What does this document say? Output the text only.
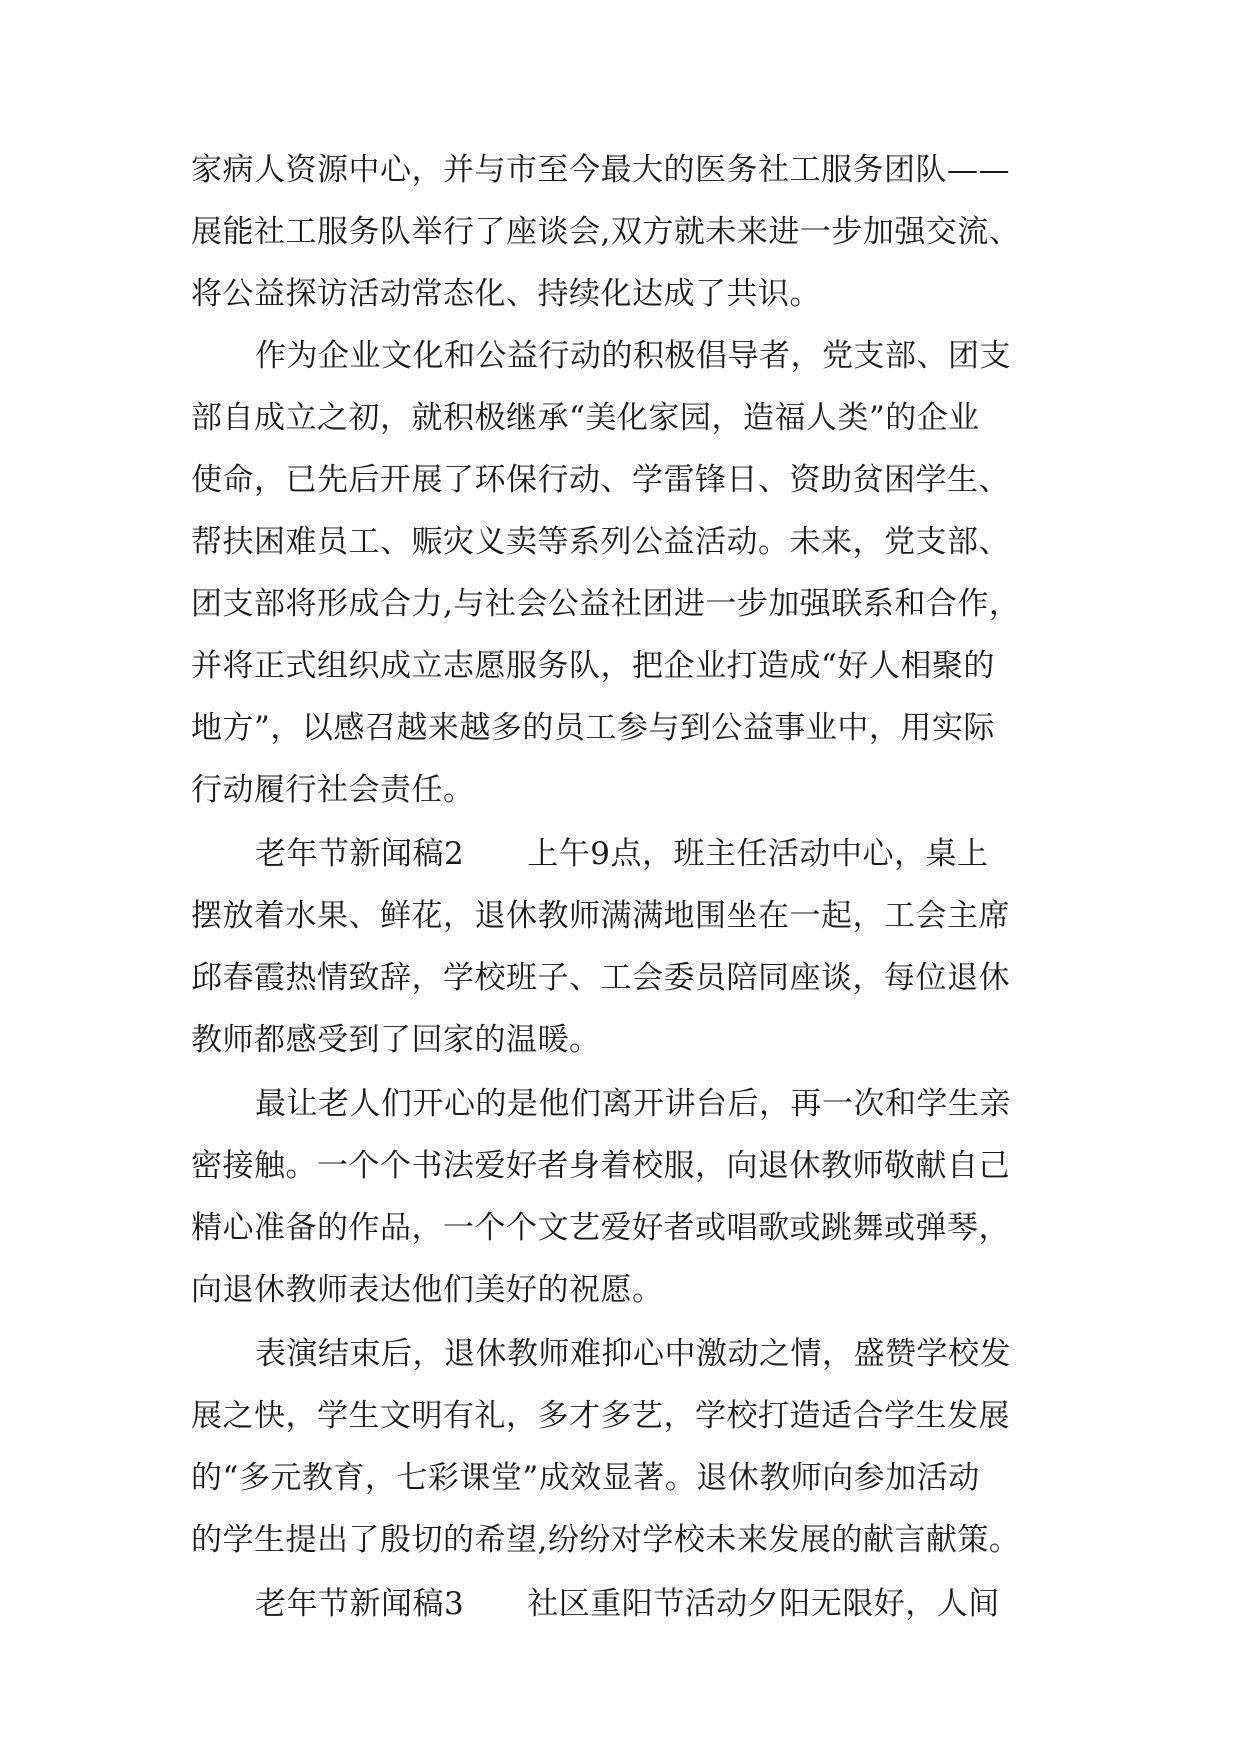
家病人资源中心，并与市至今最大的医务社工服务团队——

展能社工服务队举行了座谈会,双方就未来进一步加强交流、

将公益探访活动常态化、持续化达成了共识。

作为企业文化和公益行动的积极倡导者，党支部、团支

部自成立之初，就积极继承“美化家园，造福人类”的企业

使命，已先后开展了环保行动、学雷锋日、资助贫困学生、

帮扶困难员工、赈灾义卖等系列公益活动。未来，党支部、

团支部将形成合力,与社会公益社团进一步加强联系和合作，

并将正式组织成立志愿服务队，把企业打造成“好人相聚的

地方”，以感召越来越多的员工参与到公益事业中，用实际

行动履行社会责任。

老年节新闻稿2　　上午9点，班主任活动中心，桌上

摆放着水果、鲜花，退休教师满满地围坐在一起，工会主席

邱春霞热情致辞，学校班子、工会委员陪同座谈，每位退休

教师都感受到了回家的温暖。

最让老人们开心的是他们离开讲台后，再一次和学生亲

密接触。一个个书法爱好者身着校服，向退休教师敬献自己

精心准备的作品，一个个文艺爱好者或唱歌或跳舞或弹琴，

向退休教师表达他们美好的祝愿。

表演结束后，退休教师难抑心中激动之情，盛赞学校发

展之快，学生文明有礼，多才多艺，学校打造适合学生发展

的“多元教育，七彩课堂”成效显著。退休教师向参加活动

的学生提出了殷切的希望,纷纷对学校未来发展的献言献策。

老年节新闻稿3　　社区重阳节活动夕阳无限好，人间
